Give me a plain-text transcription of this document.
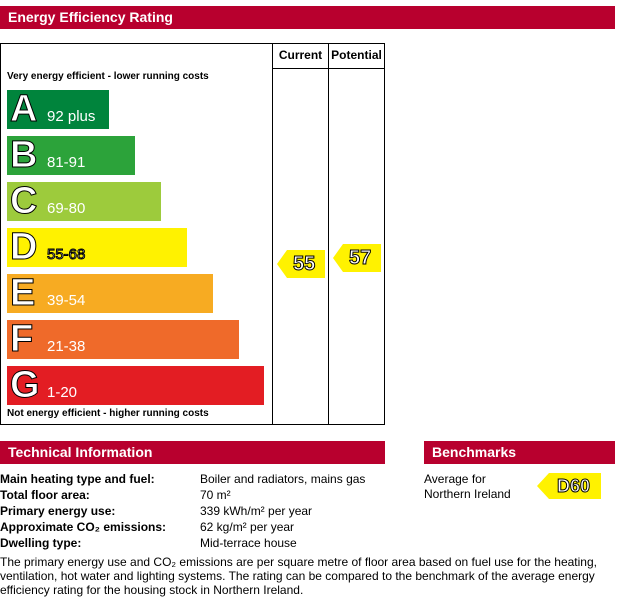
Energy Efficiency Rating
Current Potential
Very energy efficient - lower running costs
A 92 plus
B 81-91
C 69-80
D 55-68
E 39-54
F 21-38
G 1-20
Not energy efficient - higher running costs
55 57
Technical Information
Main heating type and fuel:	Boiler and radiators, mains gas
Total floor area:	70 m²
Primary energy use:	339 kWh/m² per year
Approximate CO₂ emissions:	62 kg/m² per year
Dwelling type:	Mid-terrace house
Benchmarks
Average for
Northern Ireland	D60
The primary energy use and CO₂ emissions are per square metre of floor area based on fuel use for the heating, ventilation, hot water and lighting systems. The rating can be compared to the benchmark of the average energy efficiency rating for the housing stock in Northern Ireland.
